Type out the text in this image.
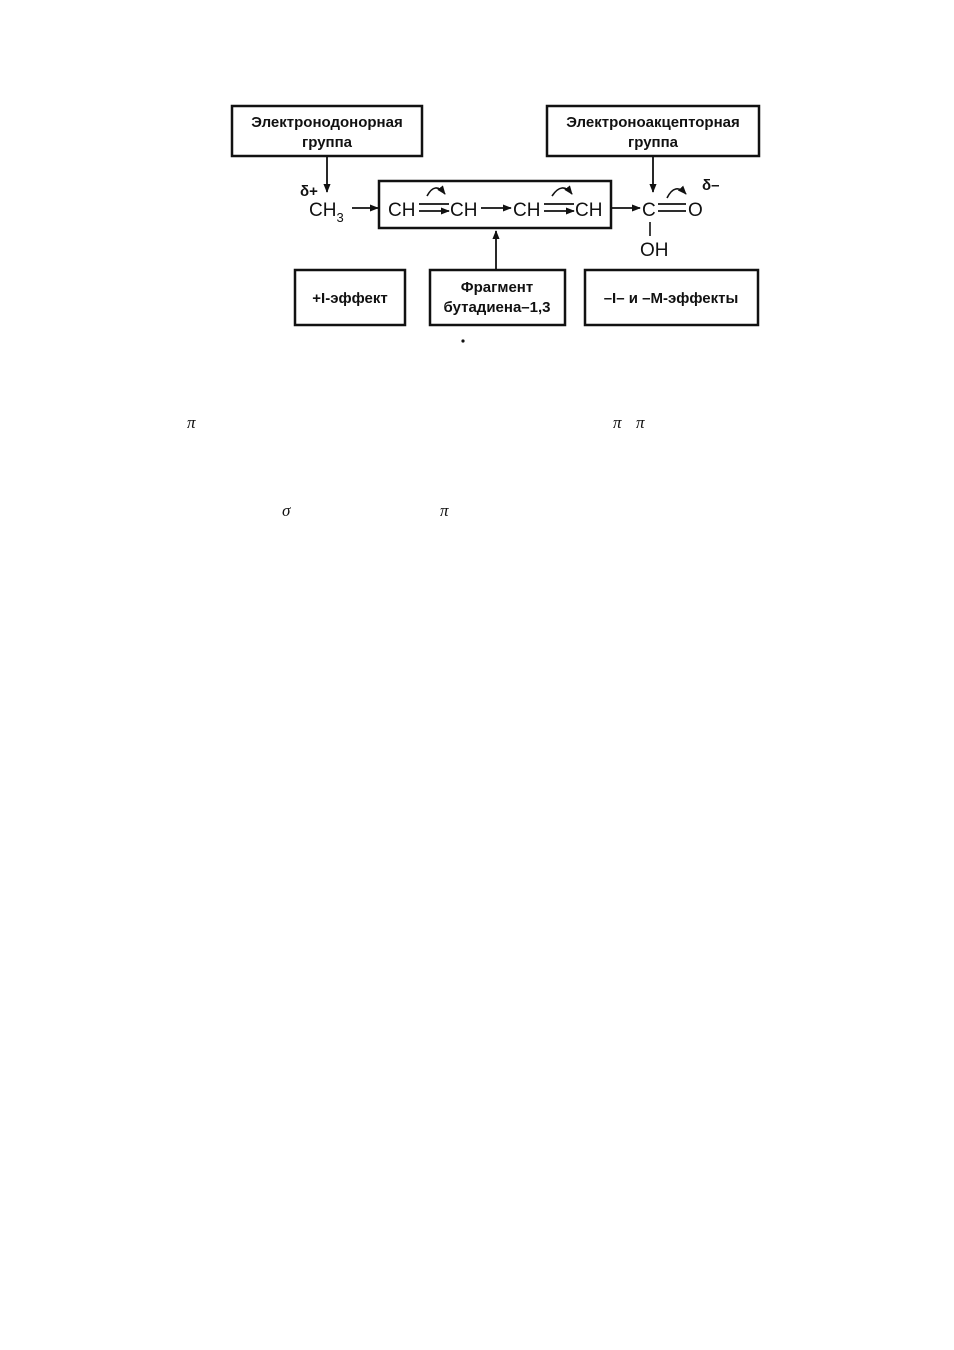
Электронодонорная
группа
Электроноакцепторная
группа
δ+	δ–
$CH_3$ CH CH CH CH C O
OH
+I-эффект
Фрагмент
бутадиена–1,3
–I– и –M-эффекты
π	π π
σ	π
